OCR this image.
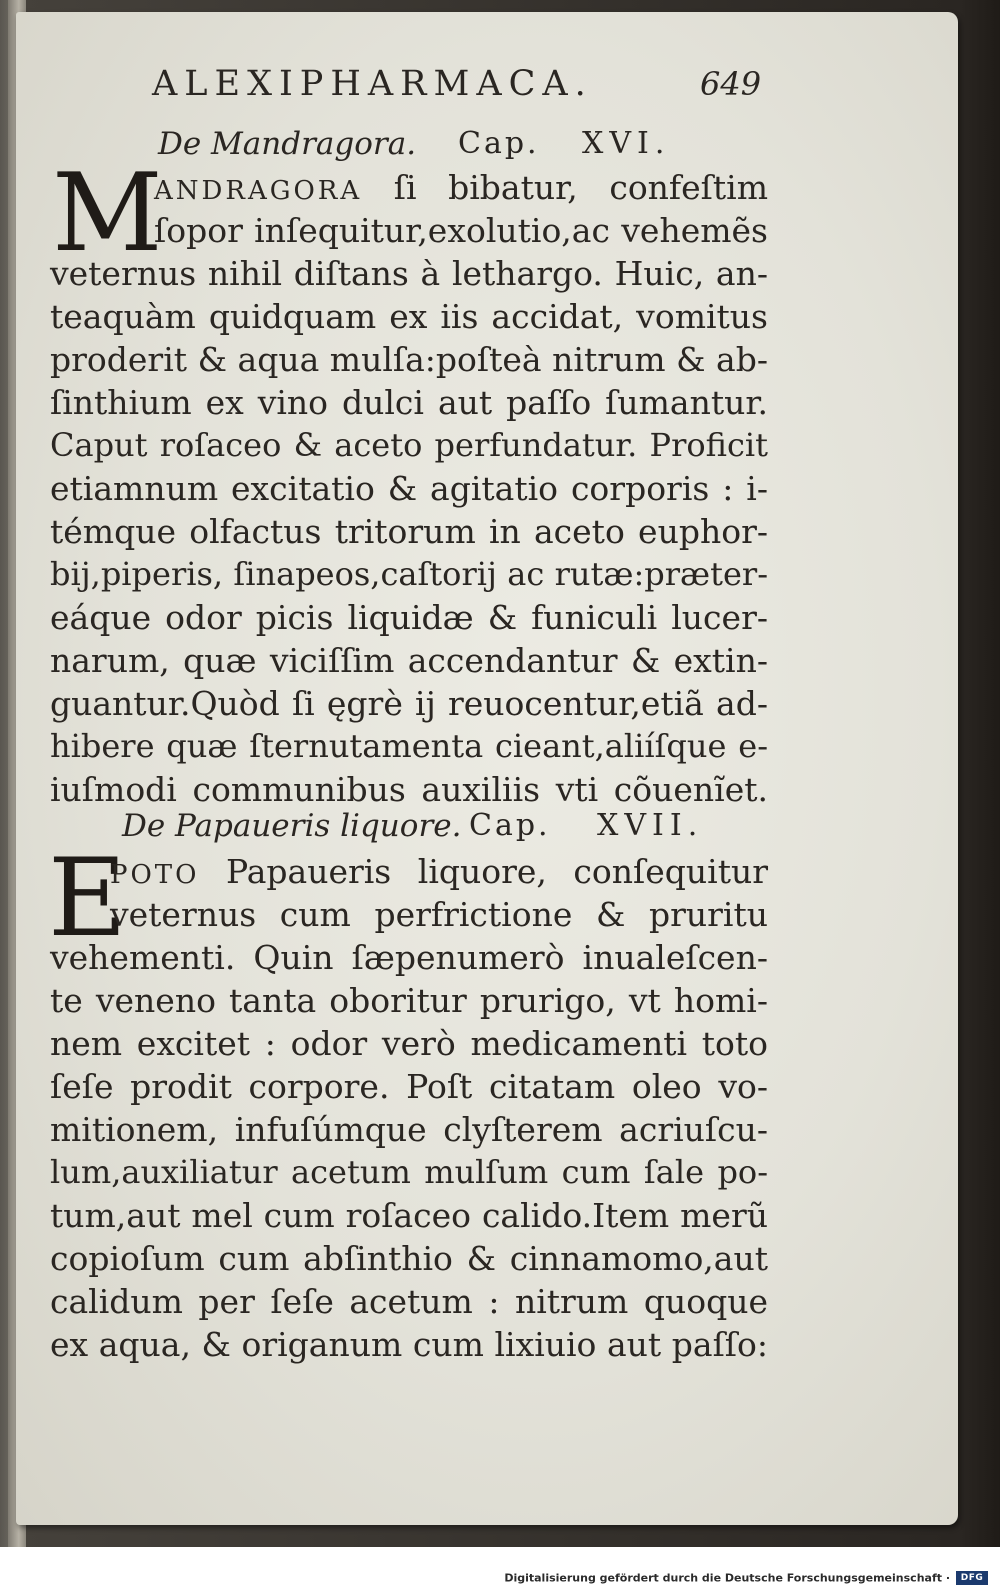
ALEXIPHARMACA.	649
De Mandragora. Cap. XVI.
M
ANDRAGORA ſi bibatur, confeſtim
ſopor inſequitur,exolutio,ac vehemẽs
veternus nihil diſtans à lethargo. Huic, an-
teaquàm quidquam ex iis accidat, vomitus
proderit & aqua mulſa:poſteà nitrum & ab-
ſinthium ex vino dulci aut paſſo ſumantur.
Caput roſaceo & aceto perfundatur. Proficit
etiamnum excitatio & agitatio corporis : i-
témque olfactus tritorum in aceto euphor-
bij,piperis, ſinapeos,caſtorij ac rutæ:præter-
eáque odor picis liquidæ & funiculi lucer-
narum, quæ viciſſim accendantur & extin-
guantur.Quòd ſi ęgrè ij reuocentur,etiã ad-
hibere quæ ſternutamenta cieant,aliíſque e-
iuſmodi communibus auxiliis vti cõuenĩet.
De Papaueris liquore. Cap. XVII.
E
POTO Papaueris liquore, conſequitur
veternus cum perfrictione & pruritu
vehementi. Quin ſæpenumerò inualeſcen-
te veneno tanta oboritur prurigo, vt homi-
nem excitet : odor verò medicamenti toto
ſeſe prodit corpore. Poſt citatam oleo vo-
mitionem, infuſúmque clyſterem acriuſcu-
lum,auxiliatur acetum mulſum cum ſale po-
tum,aut mel cum roſaceo calido.Item merũ
copioſum cum abſinthio & cinnamomo,aut
calidum per ſeſe acetum : nitrum quoque
ex aqua, & origanum cum lixiuio aut paſſo:
Digitalisierung gefördert durch die Deutsche Forschungsgemeinschaft ·	DFG
